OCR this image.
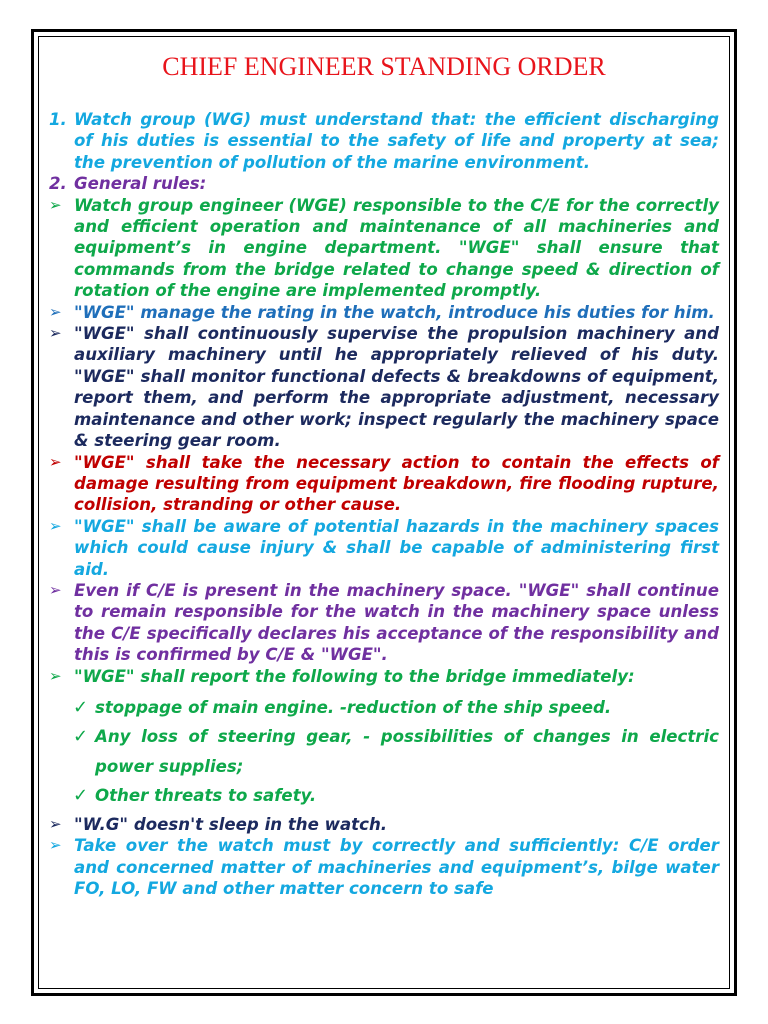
CHIEF ENGINEER STANDING ORDER
1. Watch group (WG) must understand that: the efficient discharging of his duties is essential to the safety of life and property at sea; the prevention of pollution of the marine environment.
2. General rules:
➢ Watch group engineer (WGE) responsible to the C/E for the correctly and efficient operation and maintenance of all machineries and equipment’s in engine department. "WGE" shall ensure that commands from the bridge related to change speed & direction of rotation of the engine are implemented promptly.
➢ "WGE" manage the rating in the watch, introduce his duties for him.
➢ "WGE" shall continuously supervise the propulsion machinery and auxiliary machinery until he appropriately relieved of his duty. "WGE" shall monitor functional defects & breakdowns of equipment, report them, and perform the appropriate adjustment, necessary maintenance and other work; inspect regularly the machinery space & steering gear room.
➢ "WGE" shall take the necessary action to contain the effects of damage resulting from equipment breakdown, fire flooding rupture, collision, stranding or other cause.
➢ "WGE" shall be aware of potential hazards in the machinery spaces which could cause injury & shall be capable of administering first aid.
➢ Even if C/E is present in the machinery space. "WGE" shall continue to remain responsible for the watch in the machinery space unless the C/E specifically declares his acceptance of the responsibility and this is confirmed by C/E & "WGE".
➢ "WGE" shall report the following to the bridge immediately:
✓ stoppage of main engine. -reduction of the ship speed.
✓ Any loss of steering gear, - possibilities of changes in electric power supplies;
✓ Other threats to safety.
➢ "W.G" doesn't sleep in the watch.
➢ Take over the watch must by correctly and sufficiently: C/E order and concerned matter of machineries and equipment’s, bilge water FO, LO, FW and other matter concern to safe
